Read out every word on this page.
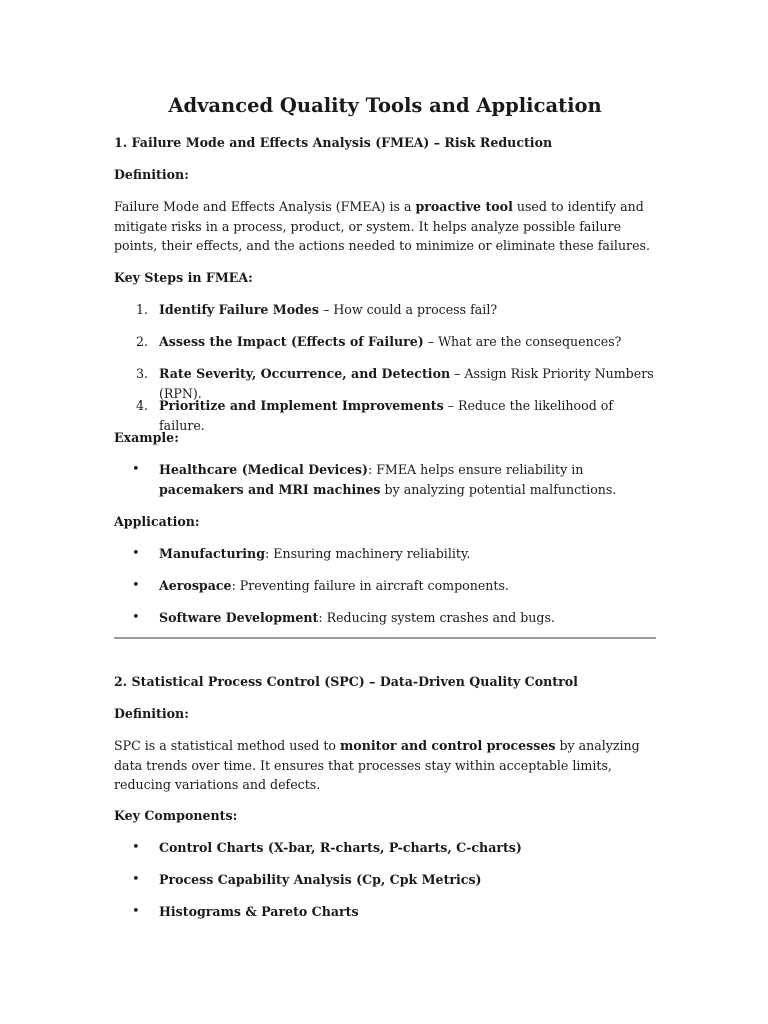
Advanced Quality Tools and Application

1. Failure Mode and Effects Analysis (FMEA) – Risk Reduction

Definition:

Failure Mode and Effects Analysis (FMEA) is a proactive tool used to identify and mitigate risks in a process, product, or system. It helps analyze possible failure points, their effects, and the actions needed to minimize or eliminate these failures.

Key Steps in FMEA:

1. Identify Failure Modes – How could a process fail?
2. Assess the Impact (Effects of Failure) – What are the consequences?
3. Rate Severity, Occurrence, and Detection – Assign Risk Priority Numbers (RPN).
4. Prioritize and Implement Improvements – Reduce the likelihood of failure.

Example:

• Healthcare (Medical Devices): FMEA helps ensure reliability in pacemakers and MRI machines by analyzing potential malfunctions.

Application:

• Manufacturing: Ensuring machinery reliability.
• Aerospace: Preventing failure in aircraft components.
• Software Development: Reducing system crashes and bugs.

2. Statistical Process Control (SPC) – Data-Driven Quality Control

Definition:

SPC is a statistical method used to monitor and control processes by analyzing data trends over time. It ensures that processes stay within acceptable limits, reducing variations and defects.

Key Components:

• Control Charts (X-bar, R-charts, P-charts, C-charts)
• Process Capability Analysis (Cp, Cpk Metrics)
• Histograms & Pareto Charts
